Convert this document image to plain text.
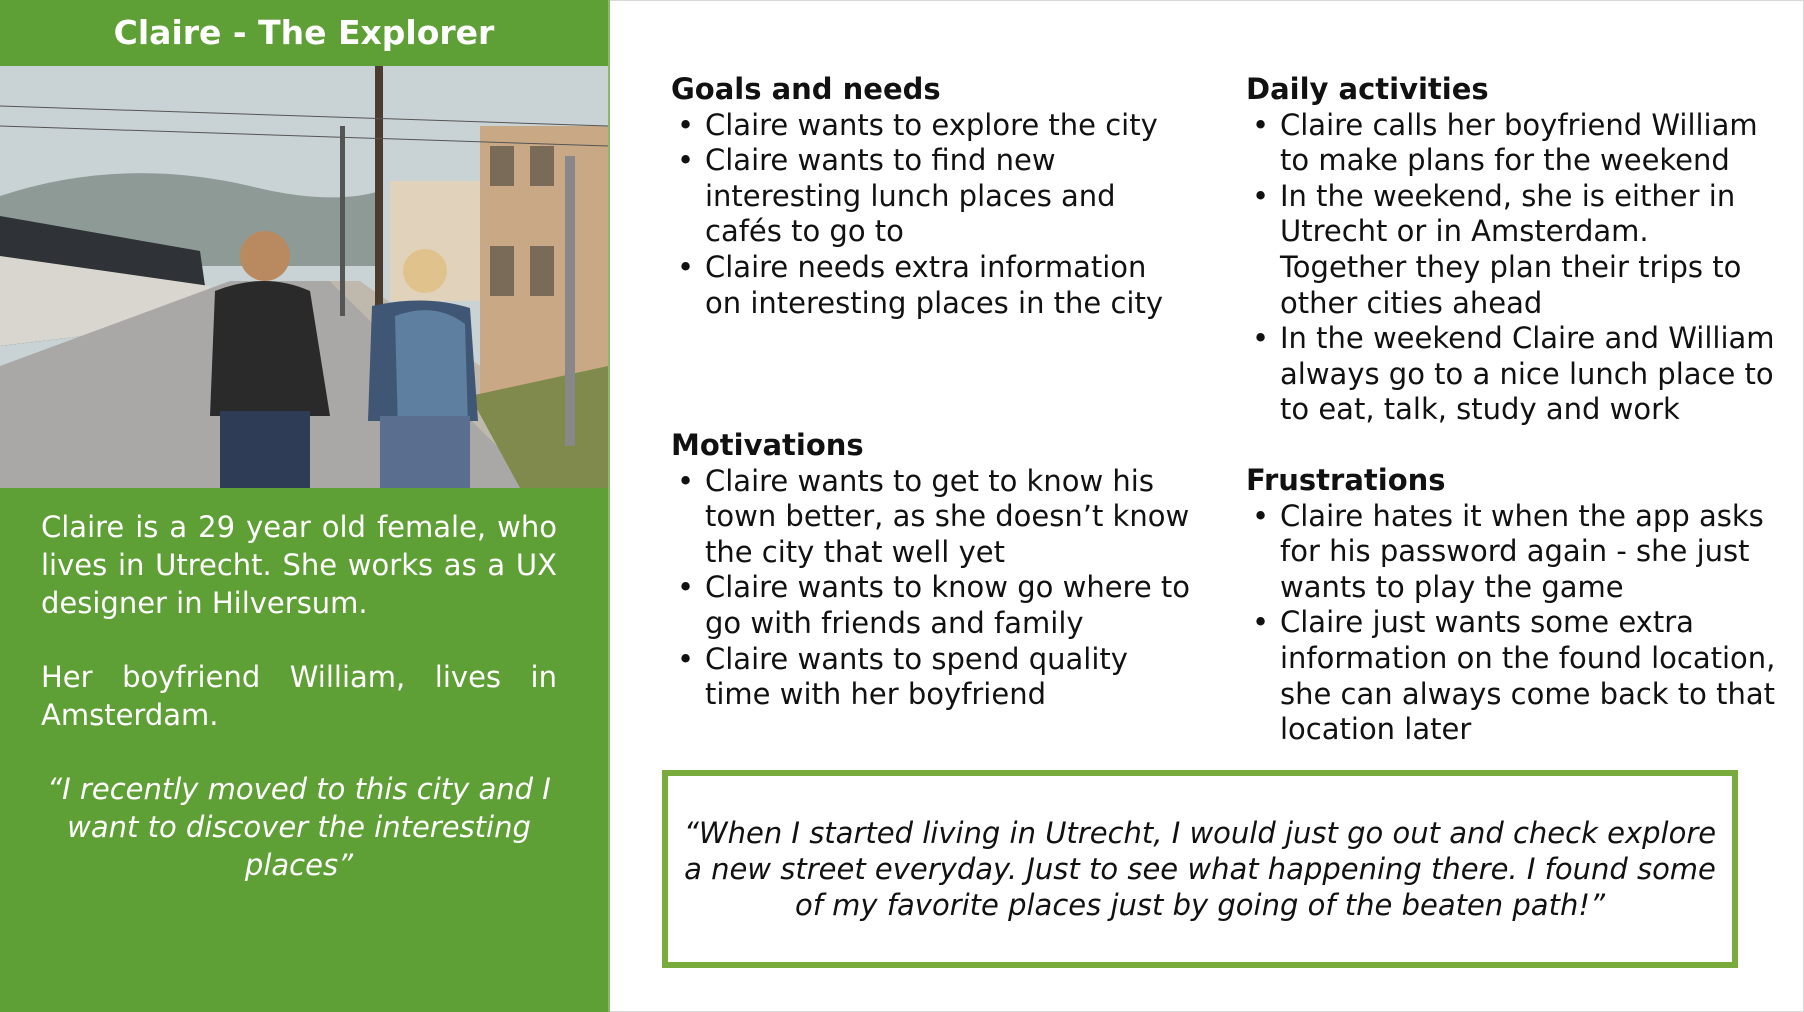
Claire - The Explorer

Claire is a 29 year old female, who lives in Utrecht. She works as a UX designer in Hilversum.

Her boyfriend William, lives in Amsterdam.

“I recently moved to this city and I want to discover the interesting places”

Goals and needs
• Claire wants to explore the city
• Claire wants to find new interesting lunch places and cafés to go to
• Claire needs extra information on interesting places in the city
Motivations
• Claire wants to get to know his town better, as she doesn’t know the city that well yet
• Claire wants to know go where to go with friends and family
• Claire wants to spend quality time with her boyfriend
Daily activities
• Claire calls her boyfriend William to make plans for the weekend
• In the weekend, she is either in Utrecht or in Amsterdam. Together they plan their trips to other cities ahead
• In the weekend Claire and William always go to a nice lunch place to to eat, talk, study and work
Frustrations
• Claire hates it when the app asks for his password again - she just wants to play the game
• Claire just wants some extra information on the found location, she can always come back to that location later

“When I started living in Utrecht, I would just go out and check explore a new street everyday. Just to see what happening there. I found some of my favorite places just by going of the beaten path!”
